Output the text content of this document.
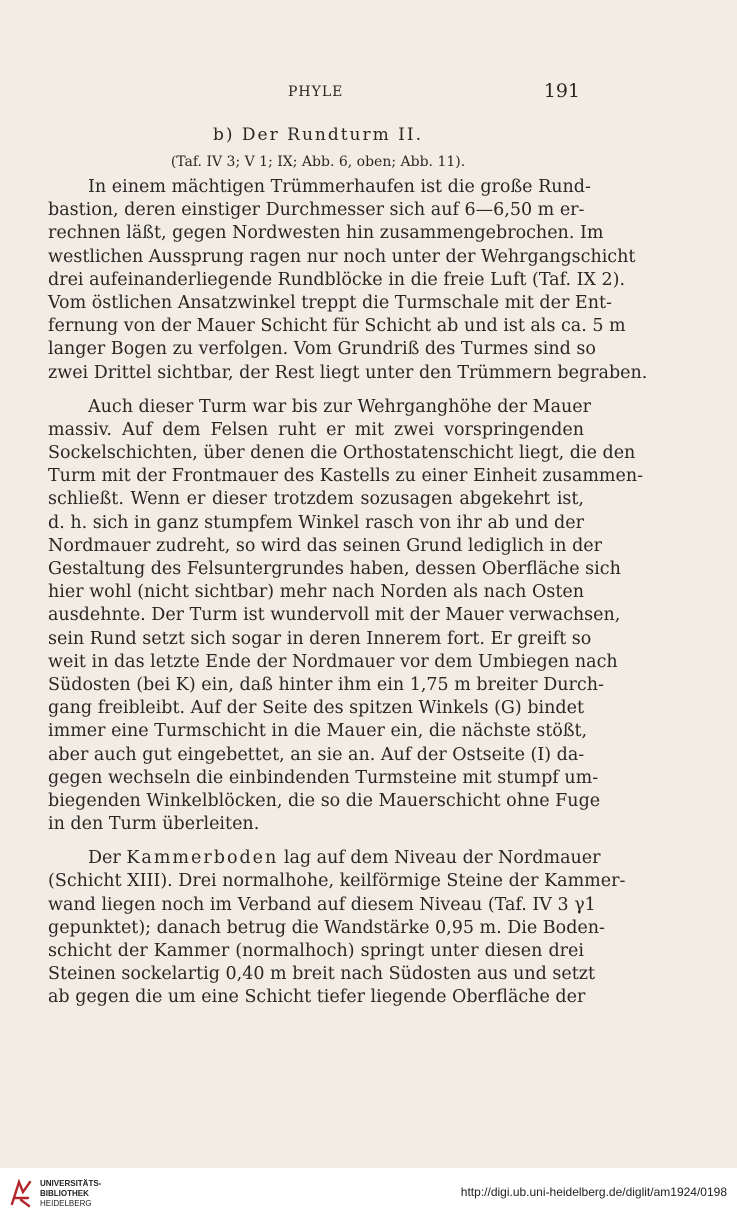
PHYLE	191
b) Der Rundturm II.
(Taf. IV 3; V 1; IX; Abb. 6, oben; Abb. 11).
In einem mächtigen Trümmerhaufen ist die große Rund-
bastion, deren einstiger Durchmesser sich auf 6—6,50 m er-
rechnen läßt, gegen Nordwesten hin zusammengebrochen. Im
westlichen Aussprung ragen nur noch unter der Wehrgangschicht
drei aufeinanderliegende Rundblöcke in die freie Luft (Taf. IX 2).
Vom östlichen Ansatzwinkel treppt die Turmschale mit der Ent-
fernung von der Mauer Schicht für Schicht ab und ist als ca. 5 m
langer Bogen zu verfolgen. Vom Grundriß des Turmes sind so
zwei Drittel sichtbar, der Rest liegt unter den Trümmern begraben.
Auch dieser Turm war bis zur Wehrganghöhe der Mauer
massiv. Auf dem Felsen ruht er mit zwei vorspringenden
Sockelschichten, über denen die Orthostatenschicht liegt, die den
Turm mit der Frontmauer des Kastells zu einer Einheit zusammen-
schließt. Wenn er dieser trotzdem sozusagen abgekehrt ist,
d. h. sich in ganz stumpfem Winkel rasch von ihr ab und der
Nordmauer zudreht, so wird das seinen Grund lediglich in der
Gestaltung des Felsuntergrundes haben, dessen Oberfläche sich
hier wohl (nicht sichtbar) mehr nach Norden als nach Osten
ausdehnte. Der Turm ist wundervoll mit der Mauer verwachsen,
sein Rund setzt sich sogar in deren Innerem fort. Er greift so
weit in das letzte Ende der Nordmauer vor dem Umbiegen nach
Südosten (bei K) ein, daß hinter ihm ein 1,75 m breiter Durch-
gang freibleibt. Auf der Seite des spitzen Winkels (G) bindet
immer eine Turmschicht in die Mauer ein, die nächste stößt,
aber auch gut eingebettet, an sie an. Auf der Ostseite (I) da-
gegen wechseln die einbindenden Turmsteine mit stumpf um-
biegenden Winkelblöcken, die so die Mauerschicht ohne Fuge
in den Turm überleiten.
Der Kammerboden lag auf dem Niveau der Nordmauer
(Schicht XIII). Drei normalhohe, keilförmige Steine der Kammer-
wand liegen noch im Verband auf diesem Niveau (Taf. IV 3 γ1
gepunktet); danach betrug die Wandstärke 0,95 m. Die Boden-
schicht der Kammer (normalhoch) springt unter diesen drei
Steinen sockelartig 0,40 m breit nach Südosten aus und setzt
ab gegen die um eine Schicht tiefer liegende Oberfläche der
UNIVERSITÄTS-
BIBLIOTHEK
HEIDELBERG
http://digi.ub.uni-heidelberg.de/diglit/am1924/0198
